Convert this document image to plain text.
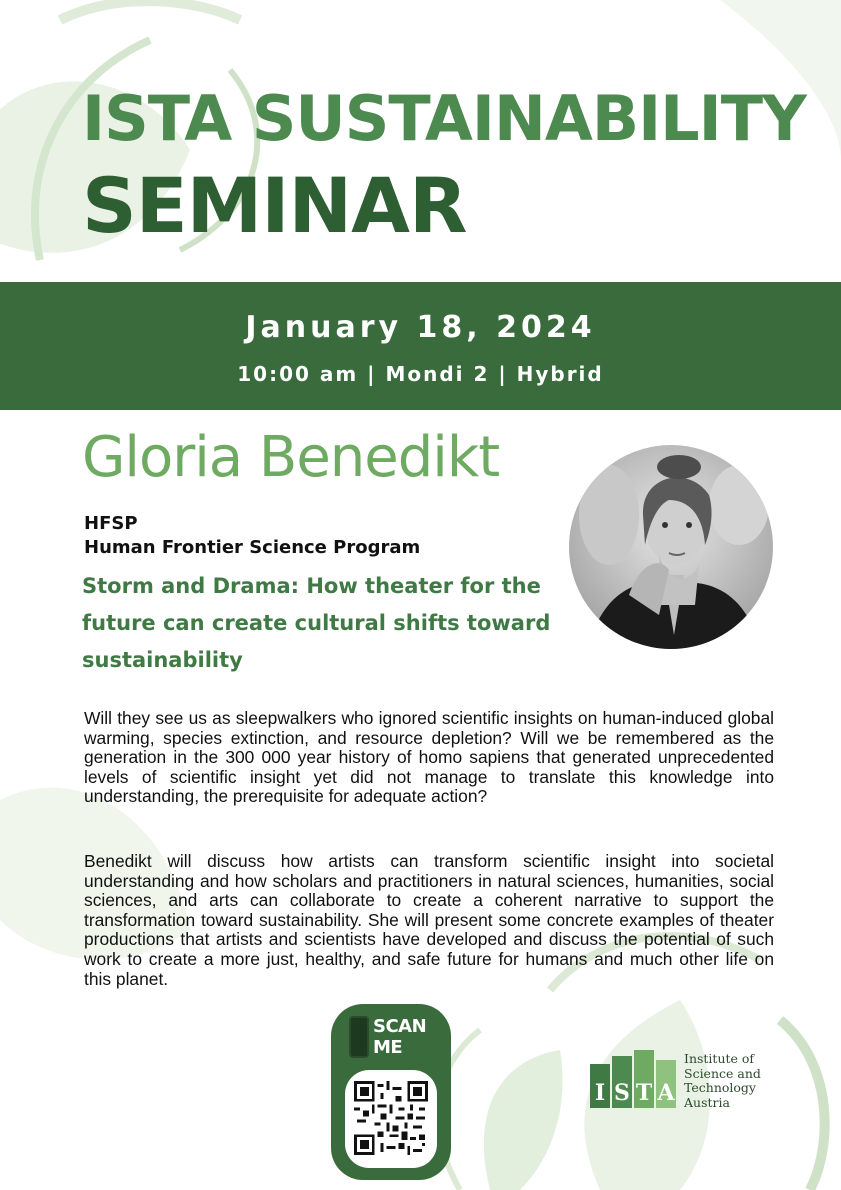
ISTA SUSTAINABILITY
SEMINAR
January 18, 2024
10:00 am | Mondi 2 | Hybrid
Gloria Benedikt
HFSP
Human Frontier Science Program
Storm and Drama: How theater for the future can create cultural shifts toward sustainability
Will they see us as sleepwalkers who ignored scientific insights on human-induced global warming, species extinction, and resource depletion? Will we be remembered as the generation in the 300 000 year history of homo sapiens that generated unprecedented levels of scientific insight yet did not manage to translate this knowledge into understanding, the prerequisite for adequate action?
Benedikt will discuss how artists can transform scientific insight into societal understanding and how scholars and practitioners in natural sciences, humanities, social sciences, and arts can collaborate to create a coherent narrative to support the transformation toward sustainability. She will present some concrete examples of theater productions that artists and scientists have developed and discuss the potential of such work to create a more just, healthy, and safe future for humans and much other life on this planet.
SCAN
ME
I S T A
Institute of
Science and
Technology
Austria
